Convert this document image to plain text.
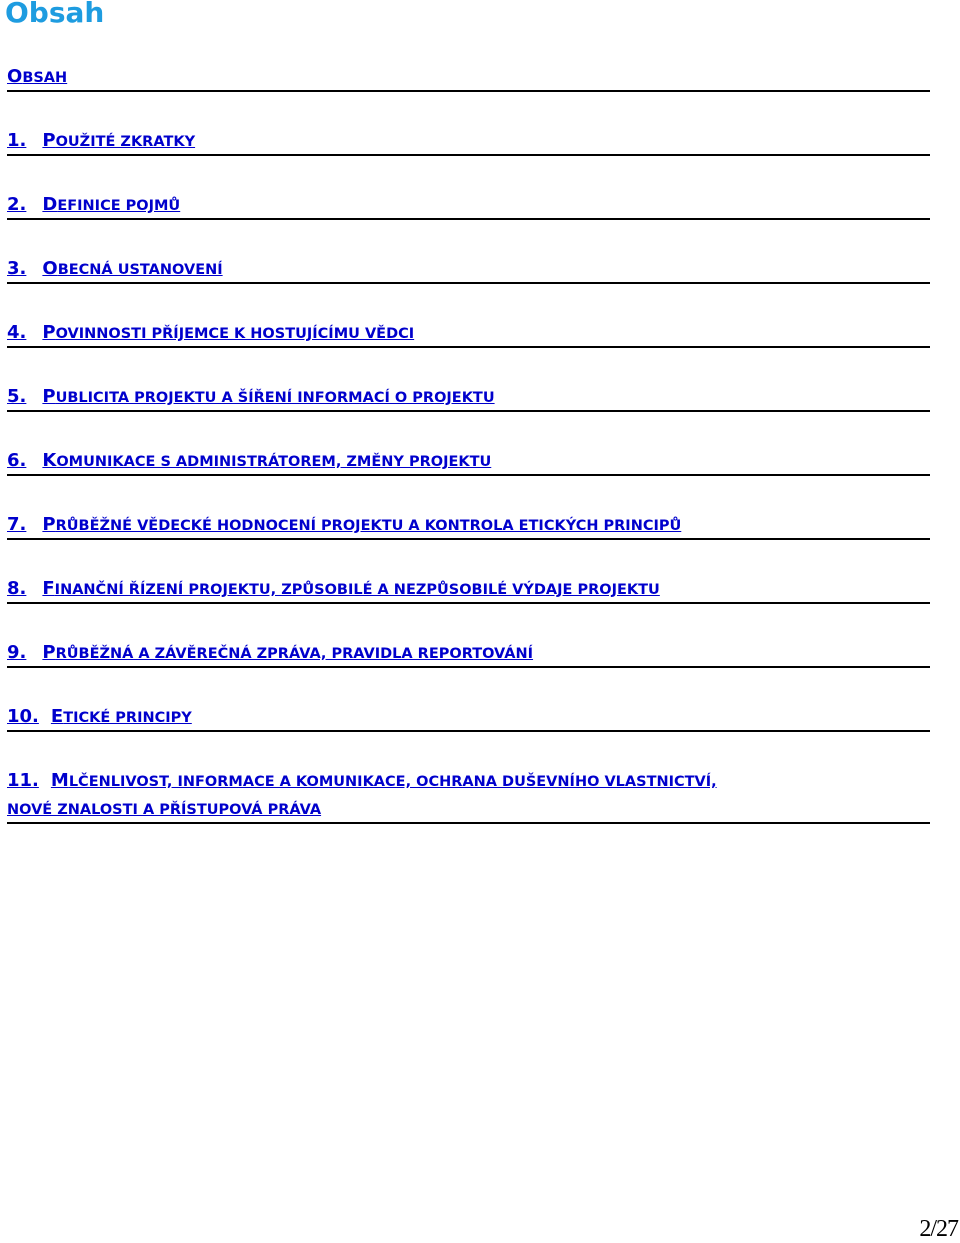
Obsah
OBSAH
1. POUŽITÉ ZKRATKY
2. DEFINICE POJMŮ
3. OBECNÁ USTANOVENÍ
4. POVINNOSTI PŘÍJEMCE K HOSTUJÍCÍMU VĚDCI
5. PUBLICITA PROJEKTU A ŠÍŘENÍ INFORMACÍ O PROJEKTU
6. KOMUNIKACE S ADMINISTRÁTOREM, ZMĚNY PROJEKTU
7. PRŮBĚŽNÉ VĚDECKÉ HODNOCENÍ PROJEKTU A KONTROLA ETICKÝCH PRINCIPŮ
8. FINANČNÍ ŘÍZENÍ PROJEKTU, ZPŮSOBILÉ A NEZPŮSOBILÉ VÝDAJE PROJEKTU
9. PRŮBĚŽNÁ A ZÁVĚREČNÁ ZPRÁVA, PRAVIDLA REPORTOVÁNÍ
10. ETICKÉ PRINCIPY
11. MLČENLIVOST, INFORMACE A KOMUNIKACE, OCHRANA DUŠEVNÍHO VLASTNICTVÍ,
NOVÉ ZNALOSTI A PŘÍSTUPOVÁ PRÁVA
2/27
